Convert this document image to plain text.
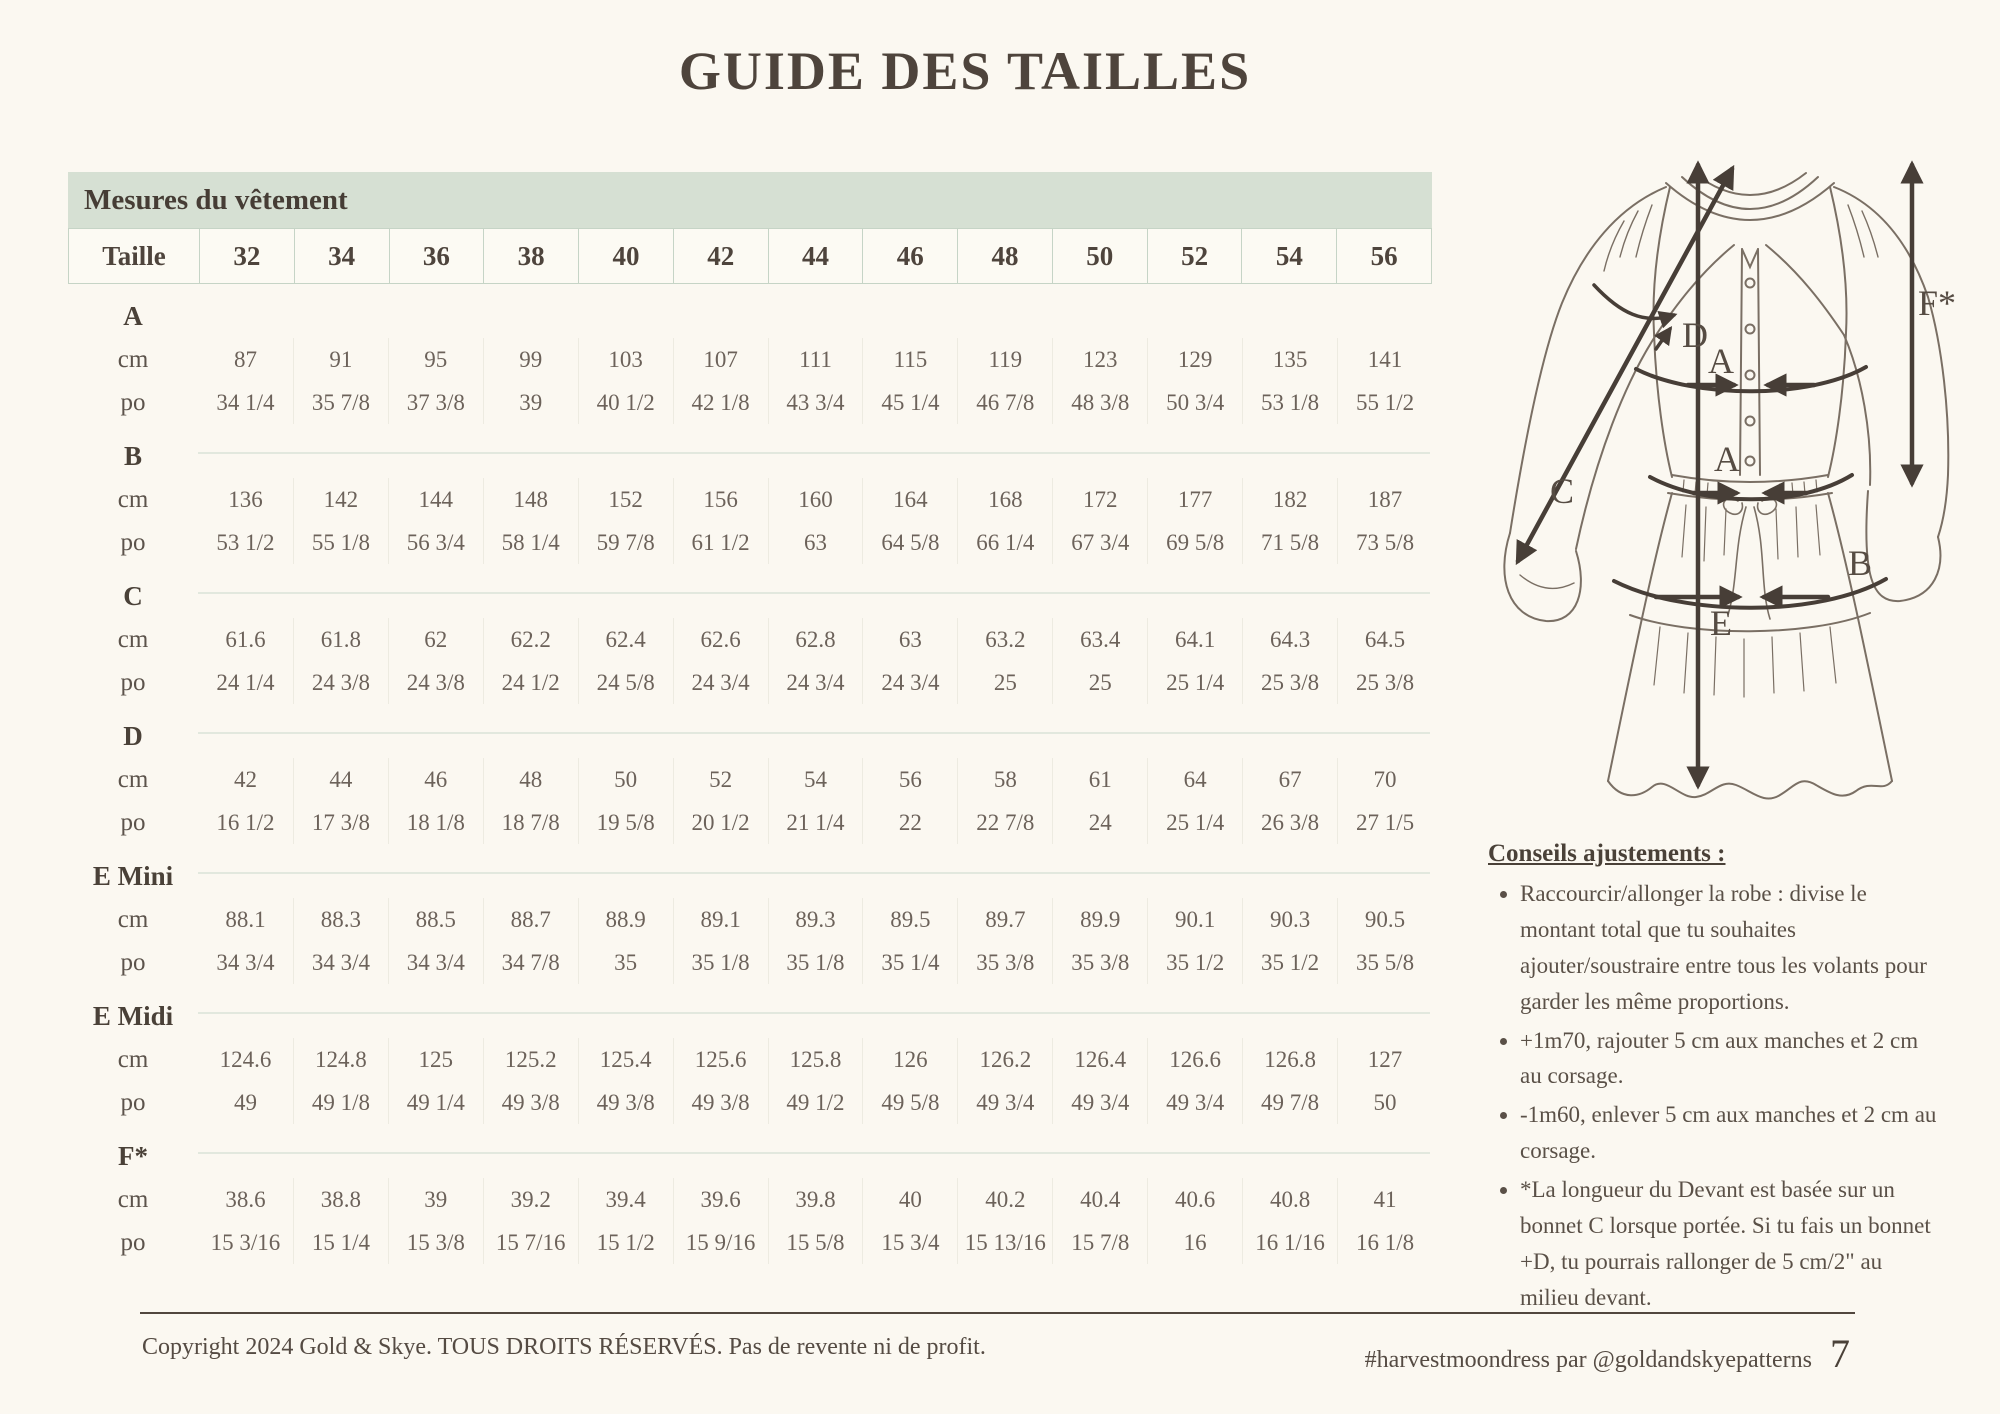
GUIDE DES TAILLES
Mesures du vêtement
Taille	32	34	36	38	40	42	44	46	48	50	52	54	56
A
cm	87	91	95	99	103	107	111	115	119	123	129	135	141
po	34 1/4	35 7/8	37 3/8	39	40 1/2	42 1/8	43 3/4	45 1/4	46 7/8	48 3/8	50 3/4	53 1/8	55 1/2
B
cm	136	142	144	148	152	156	160	164	168	172	177	182	187
po	53 1/2	55 1/8	56 3/4	58 1/4	59 7/8	61 1/2	63	64 5/8	66 1/4	67 3/4	69 5/8	71 5/8	73 5/8
C
cm	61.6	61.8	62	62.2	62.4	62.6	62.8	63	63.2	63.4	64.1	64.3	64.5
po	24 1/4	24 3/8	24 3/8	24 1/2	24 5/8	24 3/4	24 3/4	24 3/4	25	25	25 1/4	25 3/8	25 3/8
D
cm	42	44	46	48	50	52	54	56	58	61	64	67	70
po	16 1/2	17 3/8	18 1/8	18 7/8	19 5/8	20 1/2	21 1/4	22	22 7/8	24	25 1/4	26 3/8	27 1/5
E Mini
cm	88.1	88.3	88.5	88.7	88.9	89.1	89.3	89.5	89.7	89.9	90.1	90.3	90.5
po	34 3/4	34 3/4	34 3/4	34 7/8	35	35 1/8	35 1/8	35 1/4	35 3/8	35 3/8	35 1/2	35 1/2	35 5/8
E Midi
cm	124.6	124.8	125	125.2	125.4	125.6	125.8	126	126.2	126.4	126.6	126.8	127
po	49	49 1/8	49 1/4	49 3/8	49 3/8	49 3/8	49 1/2	49 5/8	49 3/4	49 3/4	49 3/4	49 7/8	50
F*
cm	38.6	38.8	39	39.2	39.4	39.6	39.8	40	40.2	40.4	40.6	40.8	41
po	15 3/16	15 1/4	15 3/8	15 7/16	15 1/2	15 9/16	15 5/8	15 3/4	15 13/16	15 7/8	16	16 1/16	16 1/8
A
A
B
C
D
E
F*
Conseils ajustements :
• Raccourcir/allonger la robe : divise le montant total que tu souhaites ajouter/soustraire entre tous les volants pour garder les même proportions.
• +1m70, rajouter 5 cm aux manches et 2 cm au corsage.
• -1m60, enlever 5 cm aux manches et 2 cm au corsage.
• *La longueur du Devant est basée sur un bonnet C lorsque portée. Si tu fais un bonnet +D, tu pourrais rallonger de 5 cm/2" au milieu devant.
Copyright 2024 Gold & Skye. TOUS DROITS RÉSERVÉS. Pas de revente ni de profit.	#harvestmoondress par @goldandskyepatterns 7
